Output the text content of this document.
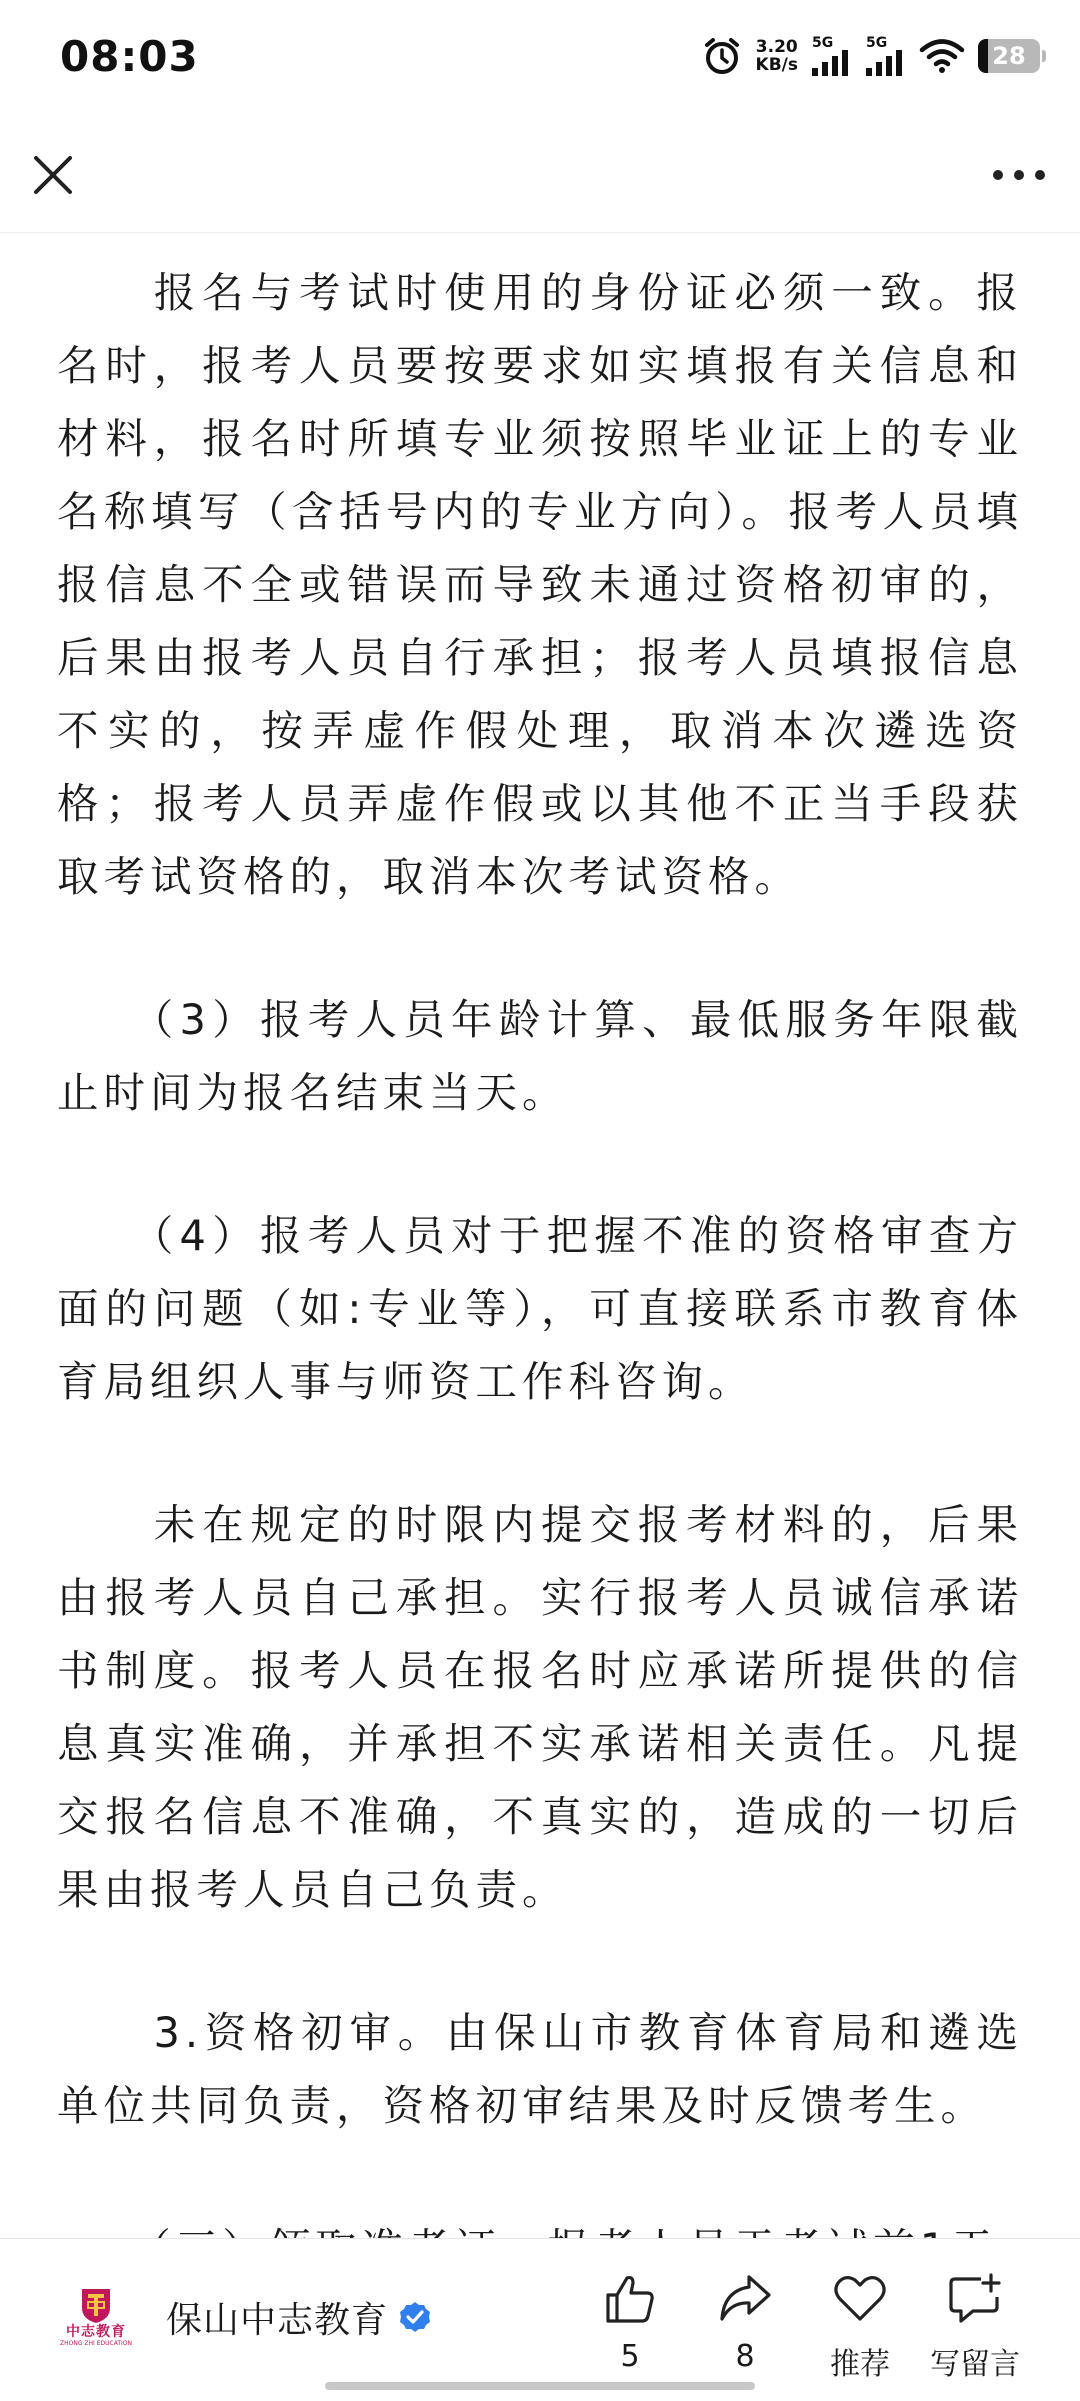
08:03	3.20
KB/s
5G 5G	28

　　报名与考试时使用的身份证必须一致。报名时，报考人员要按要求如实填报有关信息和材料，报名时所填专业须按照毕业证上的专业名称填写（含括号内的专业方向）。报考人员填报信息不全或错误而导致未通过资格初审的，后果由报考人员自行承担；报考人员填报信息不实的，按弄虚作假处理，取消本次遴选资格；报考人员弄虚作假或以其他不正当手段获取考试资格的，取消本次考试资格。

　　（3）报考人员年龄计算、最低服务年限截止时间为报名结束当天。

　　（4）报考人员对于把握不准的资格审查方面的问题（如:专业等），可直接联系市教育体育局组织人事与师资工作科咨询。

　　未在规定的时限内提交报考材料的，后果由报考人员自己承担。实行报考人员诚信承诺书制度。报考人员在报名时应承诺所提供的信息真实准确，并承担不实承诺相关责任。凡提交报名信息不准确，不真实的，造成的一切后果由报考人员自己负责。

　　3.资格初审。由保山市教育体育局和遴选单位共同负责，资格初审结果及时反馈考生。

中志教育
ZHONG ZHI EDUCATION
保山中志教育
5	8	推荐 写留言
